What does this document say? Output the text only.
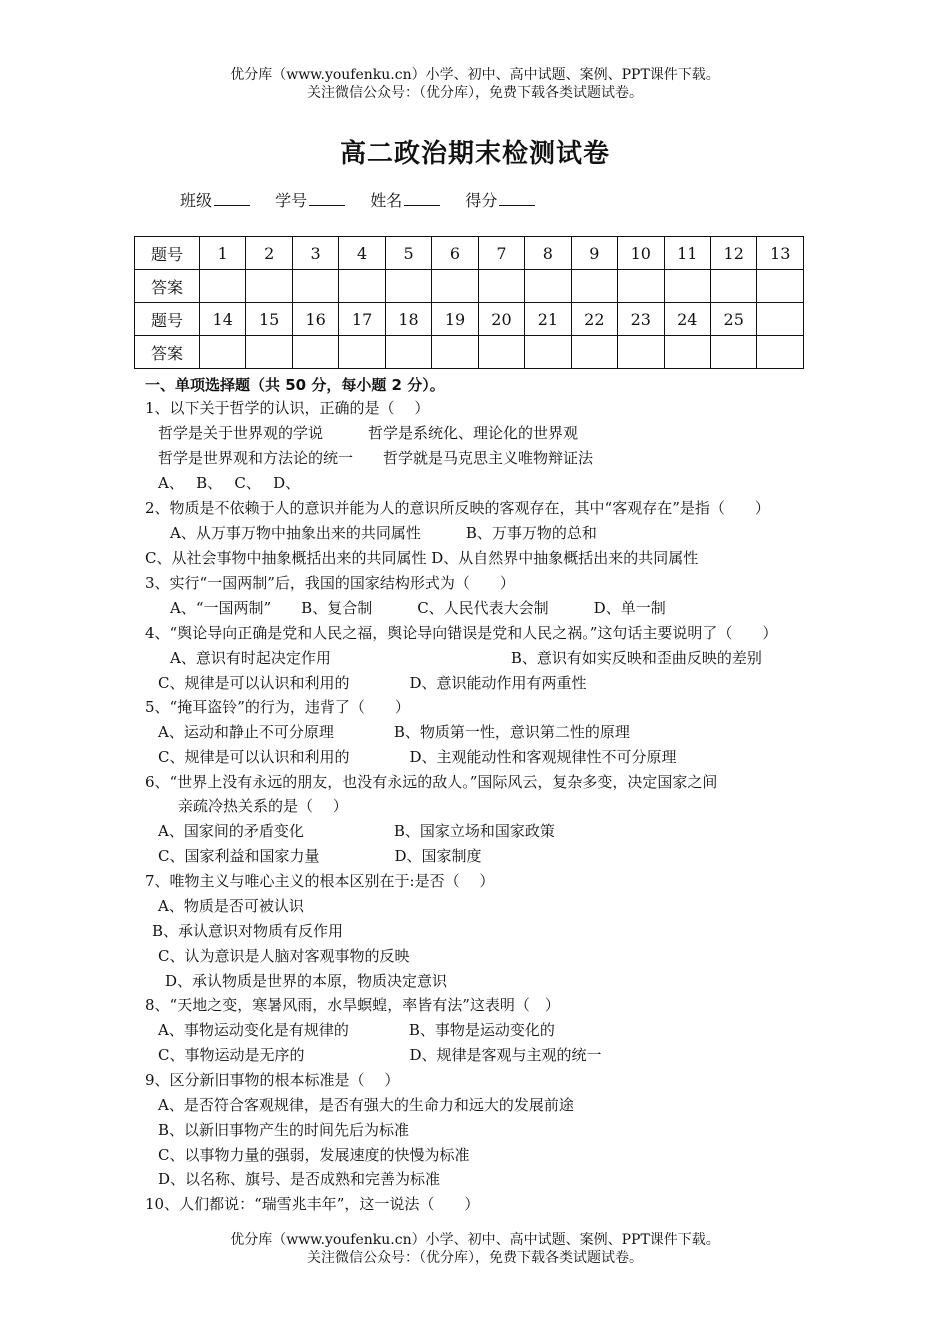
优分库（www.youfenku.cn）小学、初中、高中试题、案例、PPT课件下载。
关注微信公众号：（优分库），免费下载各类试题试卷。
高二政治期末检测试卷
班级	学号	姓名	得分
题号	1	2	3	4	5	6	7	8	9	10	11	12	13
答案													
题号	14	15	16	17	18	19	20	21	22	23	24	25	
答案													
一、单项选择题（共 50 分，每小题 2 分）。
1、以下关于哲学的认识，正确的是（　 ）
哲学是关于世界观的学说　　　哲学是系统化、理论化的世界观
哲学是世界观和方法论的统一　　哲学就是马克思主义唯物辩证法
A、　 B、　 C、　 D、
2、物质是不依赖于人的意识并能为人的意识所反映的客观存在，其中“客观存在”是指（　　）
A、从万事万物中抽象出来的共同属性　　　B、万事万物的总和
C、从社会事物中抽象概括出来的共同属性 D、从自然界中抽象概括出来的共同属性
3、实行“一国两制”后，我国的国家结构形式为（　　）
A、“一国两制”　　B、复合制　　　C、人民代表大会制　　　D、单一制
4、“舆论导向正确是党和人民之福，舆论导向错误是党和人民之祸。”这句话主要说明了（　　）
A、意识有时起决定作用　　　　　　　　　　　　B、意识有如实反映和歪曲反映的差别
C、规律是可以认识和利用的　　　　D、意识能动作用有两重性
5、“掩耳盗铃”的行为，违背了（　　）
A、运动和静止不可分原理　　　　B、物质第一性，意识第二性的原理
C、规律是可以认识和利用的　　　　D、主观能动性和客观规律性不可分原理
6、“世界上没有永远的朋友，也没有永远的敌人。”国际风云，复杂多变，决定国家之间
亲疏冷热关系的是（　 ）
A、国家间的矛盾变化　　　　　　B、国家立场和国家政策
C、国家利益和国家力量　　　　　D、国家制度
7、唯物主义与唯心主义的根本区别在于:是否（　 ）
A、物质是否可被认识
B、承认意识对物质有反作用
C、认为意识是人脑对客观事物的反映
D、承认物质是世界的本原，物质决定意识
8、“天地之变，寒暑风雨，水旱螟蝗，率皆有法”这表明（　）
A、事物运动变化是有规律的　　　　B、事物是运动变化的
C、事物运动是无序的　　　　　　　D、规律是客观与主观的统一
9、区分新旧事物的根本标准是（　 ）
A、是否符合客观规律，是否有强大的生命力和远大的发展前途
B、以新旧事物产生的时间先后为标准
C、以事物力量的强弱，发展速度的快慢为标准
D、以名称、旗号、是否成熟和完善为标准
10、人们都说：“瑞雪兆丰年”，这一说法（　　）
优分库（www.youfenku.cn）小学、初中、高中试题、案例、PPT课件下载。
关注微信公众号：（优分库），免费下载各类试题试卷。
